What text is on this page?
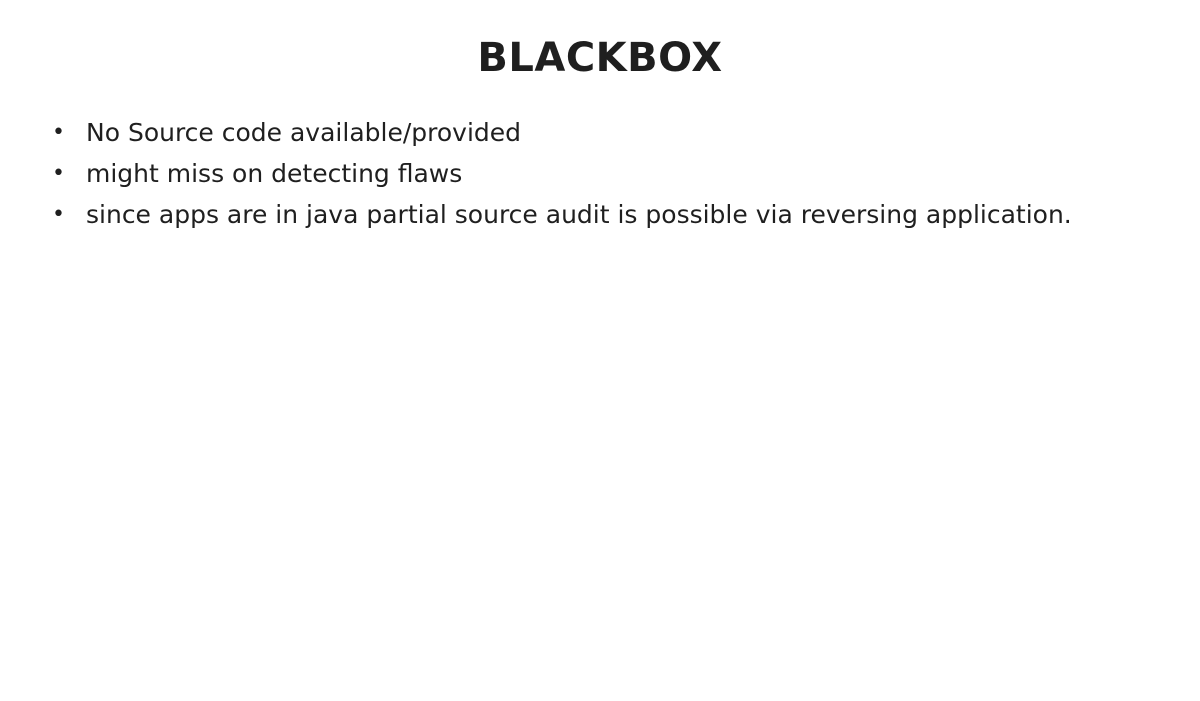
BLACKBOX
• No Source code available/provided
• might miss on detecting flaws
• since apps are in java partial source audit is possible via reversing application.
